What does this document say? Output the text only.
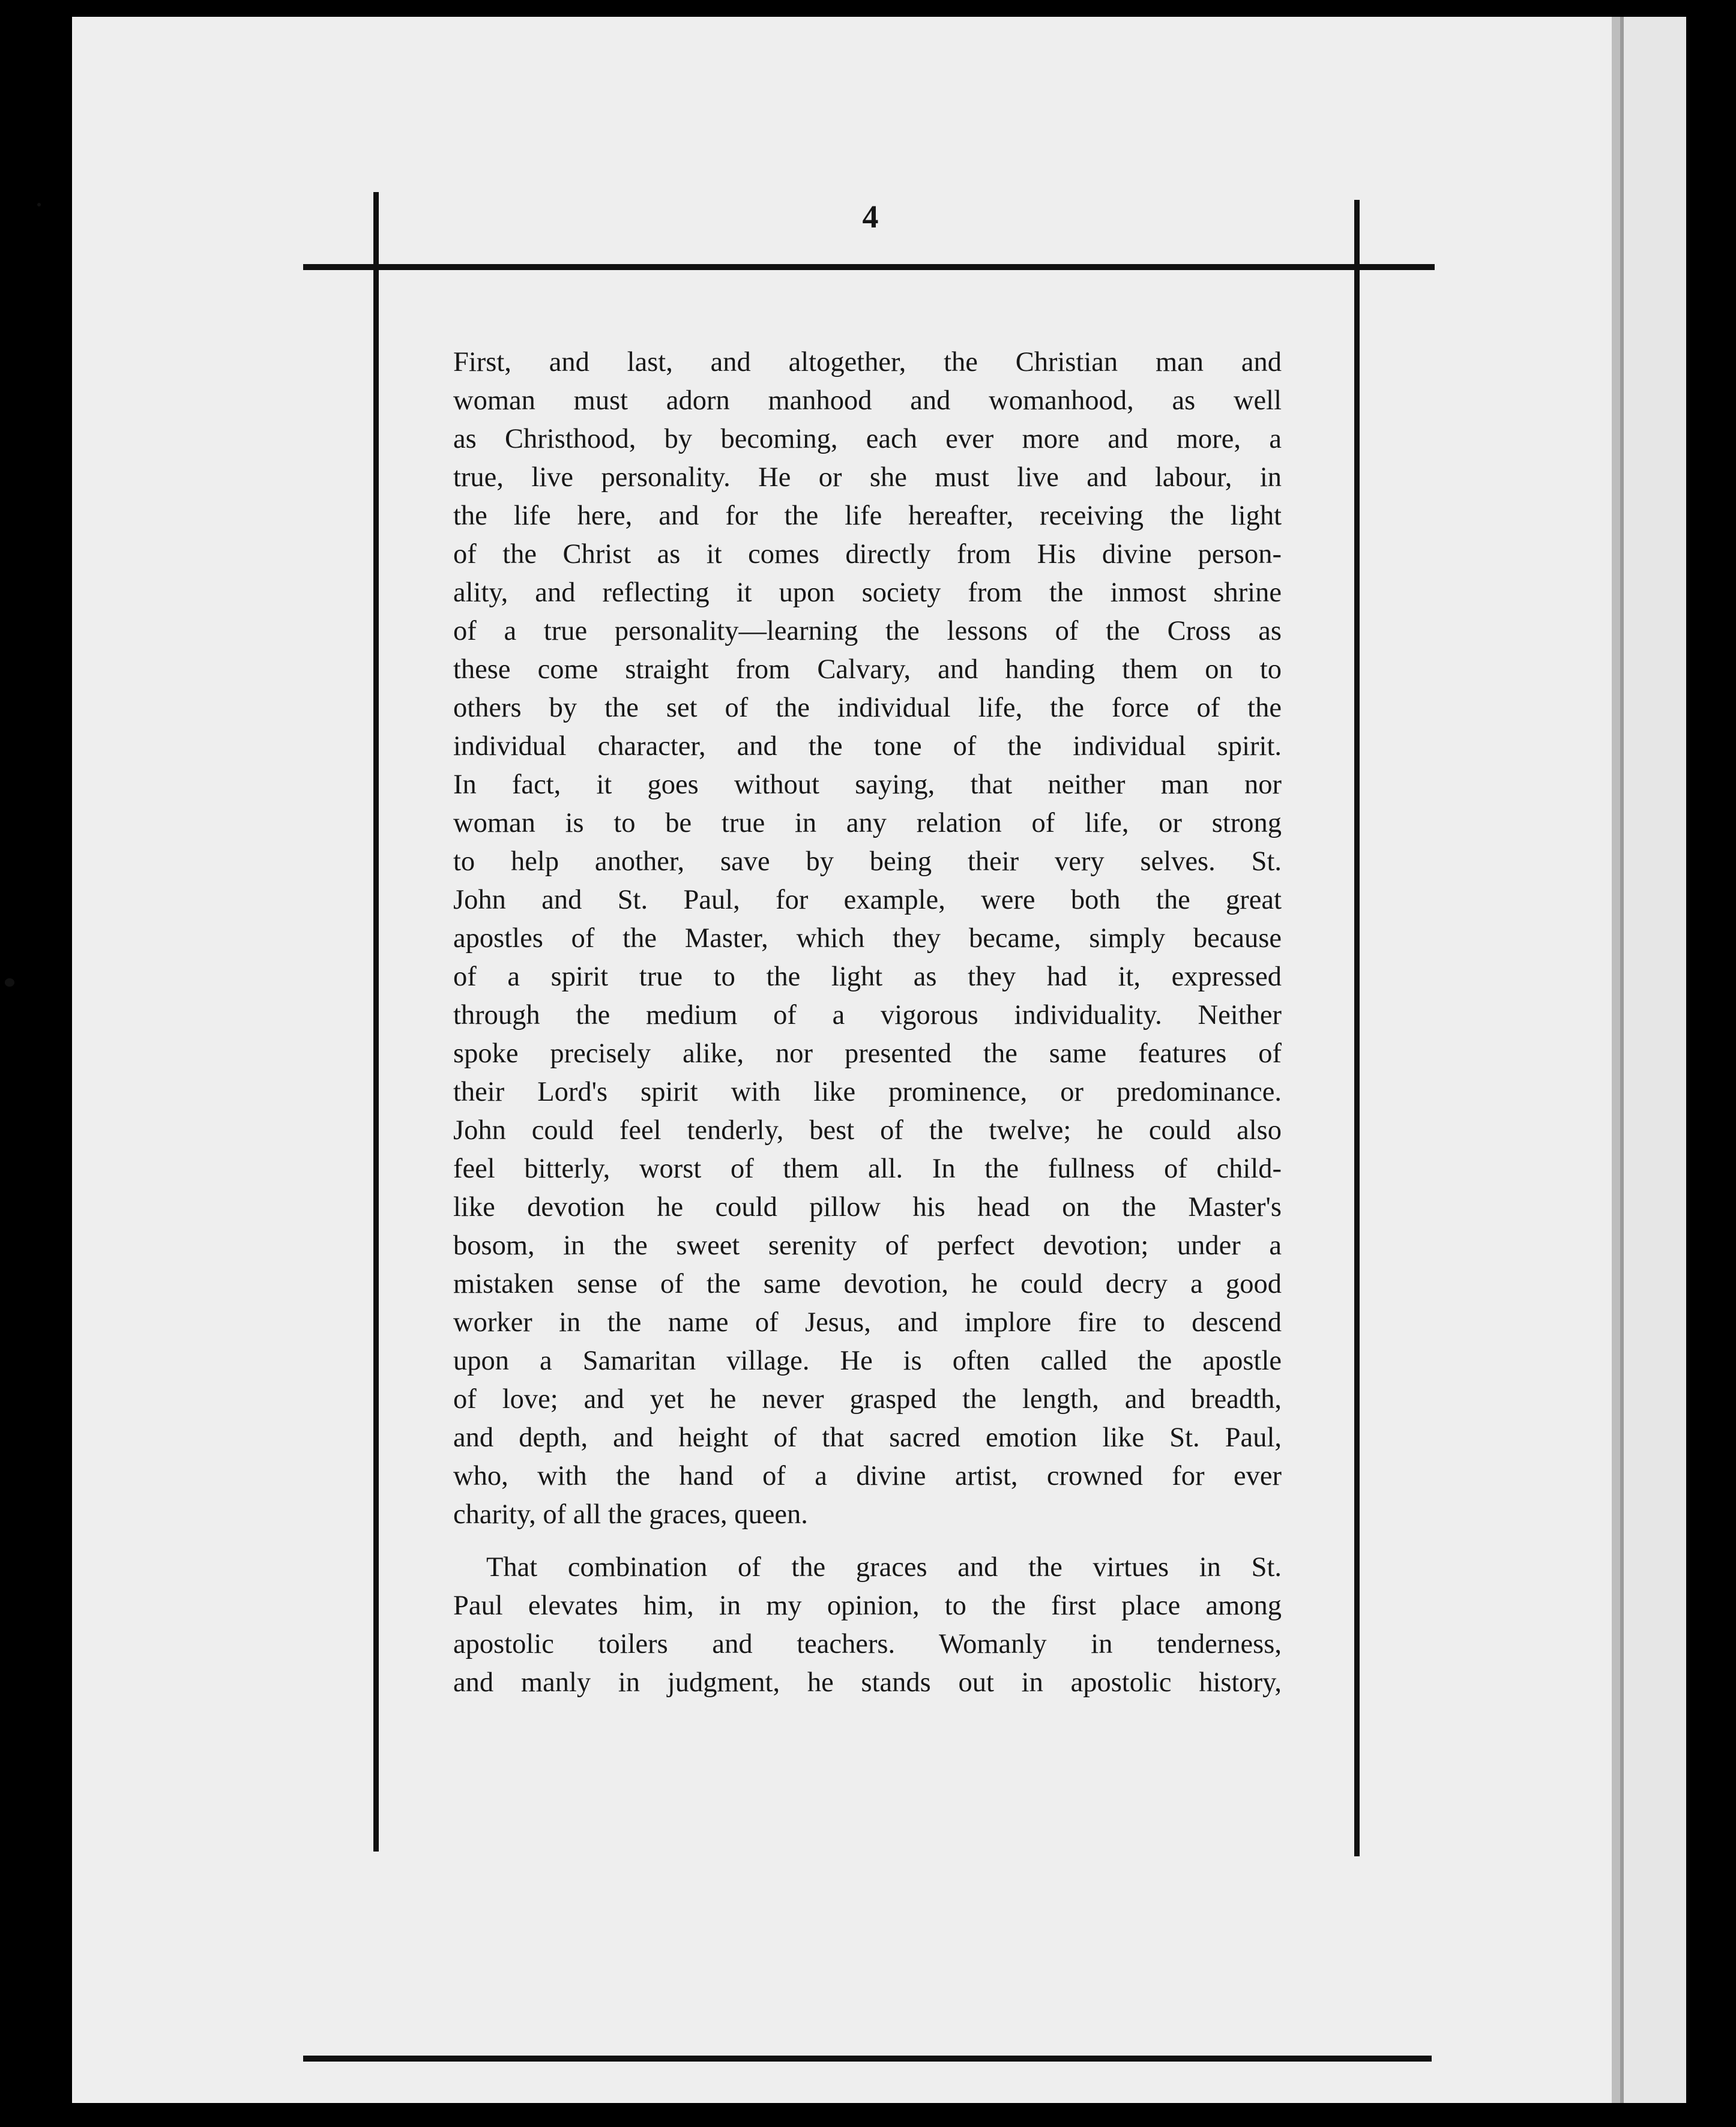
4
First, and last, and altogether, the Christian man and
woman must adorn manhood and womanhood, as well
as Christhood, by becoming, each ever more and more, a
true, live personality. He or she must live and labour, in
the life here, and for the life hereafter, receiving the light
of the Christ as it comes directly from His divine person-
ality, and reflecting it upon society from the inmost shrine
of a true personality—learning the lessons of the Cross as
these come straight from Calvary, and handing them on to
others by the set of the individual life, the force of the
individual character, and the tone of the individual spirit.
In fact, it goes without saying, that neither man nor
woman is to be true in any relation of life, or strong
to help another, save by being their very selves. St.
John and St. Paul, for example, were both the great
apostles of the Master, which they became, simply because
of a spirit true to the light as they had it, expressed
through the medium of a vigorous individuality. Neither
spoke precisely alike, nor presented the same features of
their Lord's spirit with like prominence, or predominance.
John could feel tenderly, best of the twelve; he could also
feel bitterly, worst of them all. In the fullness of child-
like devotion he could pillow his head on the Master's
bosom, in the sweet serenity of perfect devotion; under a
mistaken sense of the same devotion, he could decry a good
worker in the name of Jesus, and implore fire to descend
upon a Samaritan village. He is often called the apostle
of love; and yet he never grasped the length, and breadth,
and depth, and height of that sacred emotion like St. Paul,
who, with the hand of a divine artist, crowned for ever
charity, of all the graces, queen.
That combination of the graces and the virtues in St.
Paul elevates him, in my opinion, to the first place among
apostolic toilers and teachers. Womanly in tenderness,
and manly in judgment, he stands out in apostolic history,
